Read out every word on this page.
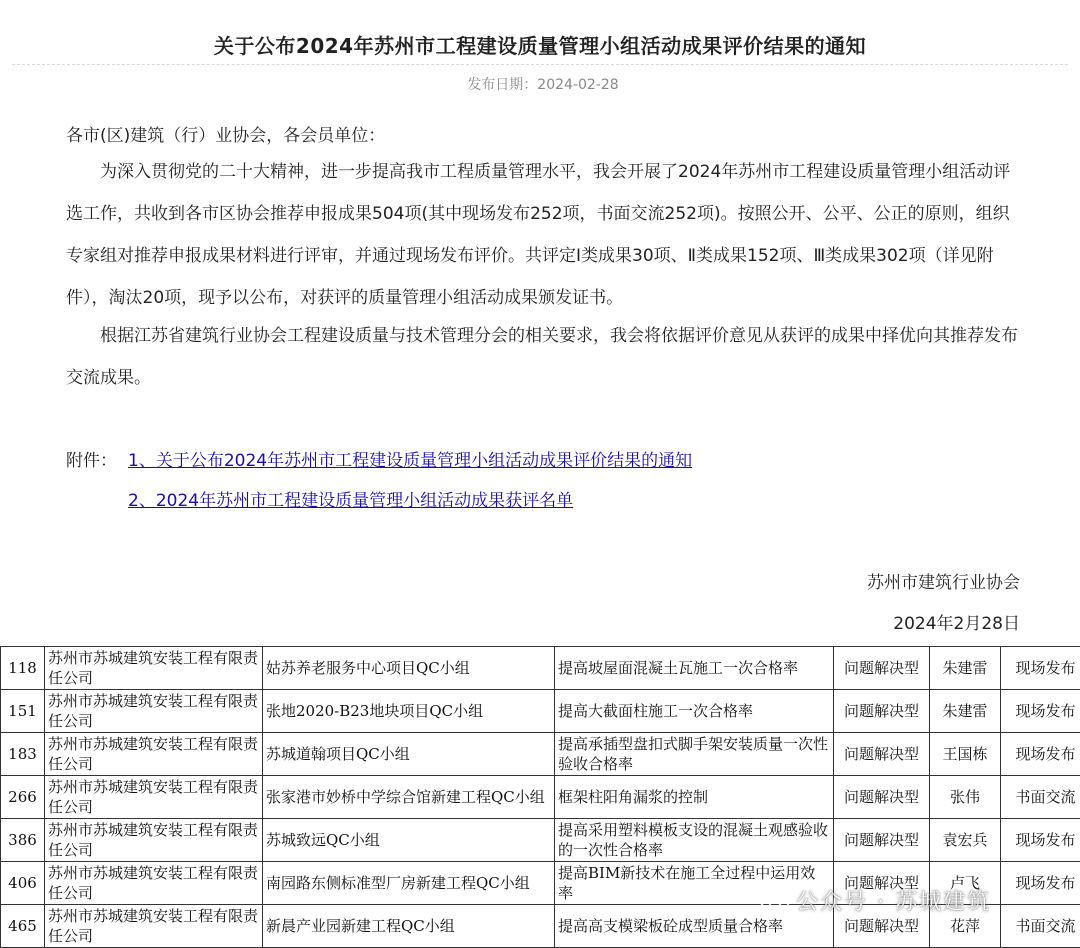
关于公布2024年苏州市工程建设质量管理小组活动成果评价结果的通知
发布日期：2024-02-28
各市(区)建筑（行）业协会，各会员单位：
为深入贯彻党的二十大精神，进一步提高我市工程质量管理水平，我会开展了2024年苏州市工程建设质量管理小组活动评选工作，共收到各市区协会推荐申报成果504项(其中现场发布252项，书面交流252项)。按照公开、公平、公正的原则，组织专家组对推荐申报成果材料进行评审，并通过现场发布评价。共评定Ⅰ类成果30项、Ⅱ类成果152项、Ⅲ类成果302项（详见附件），淘汰20项，现予以公布，对获评的质量管理小组活动成果颁发证书。
根据江苏省建筑行业协会工程建设质量与技术管理分会的相关要求，我会将依据评价意见从获评的成果中择优向其推荐发布交流成果。
附件： 1、关于公布2024年苏州市工程建设质量管理小组活动成果评价结果的通知
2、2024年苏州市工程建设质量管理小组活动成果获评名单
苏州市建筑行业协会
2024年2月28日
118	苏州市苏城建筑安装工程有限责任公司	姑苏养老服务中心项目QC小组	提高坡屋面混凝土瓦施工一次合格率	问题解决型	朱建雷	现场发布
151	苏州市苏城建筑安装工程有限责任公司	张地2020-B23地块项目QC小组	提高大截面柱施工一次合格率	问题解决型	朱建雷	现场发布
183	苏州市苏城建筑安装工程有限责任公司	苏城道翰项目QC小组	提高承插型盘扣式脚手架安装质量一次性验收合格率	问题解决型	王国栋	现场发布
266	苏州市苏城建筑安装工程有限责任公司	张家港市妙桥中学综合馆新建工程QC小组	框架柱阳角漏浆的控制	问题解决型	张伟	书面交流
386	苏州市苏城建筑安装工程有限责任公司	苏城致远QC小组	提高采用塑料模板支设的混凝土观感验收的一次性合格率	问题解决型	袁宏兵	现场发布
406	苏州市苏城建筑安装工程有限责任公司	南园路东侧标准型厂房新建工程QC小组	提高BIM新技术在施工全过程中运用效率	问题解决型	卢飞	现场发布
465	苏州市苏城建筑安装工程有限责任公司	新晨产业园新建工程QC小组	提高高支模梁板砼成型质量合格率	问题解决型	花萍	书面交流
公众号 · 苏城建筑
